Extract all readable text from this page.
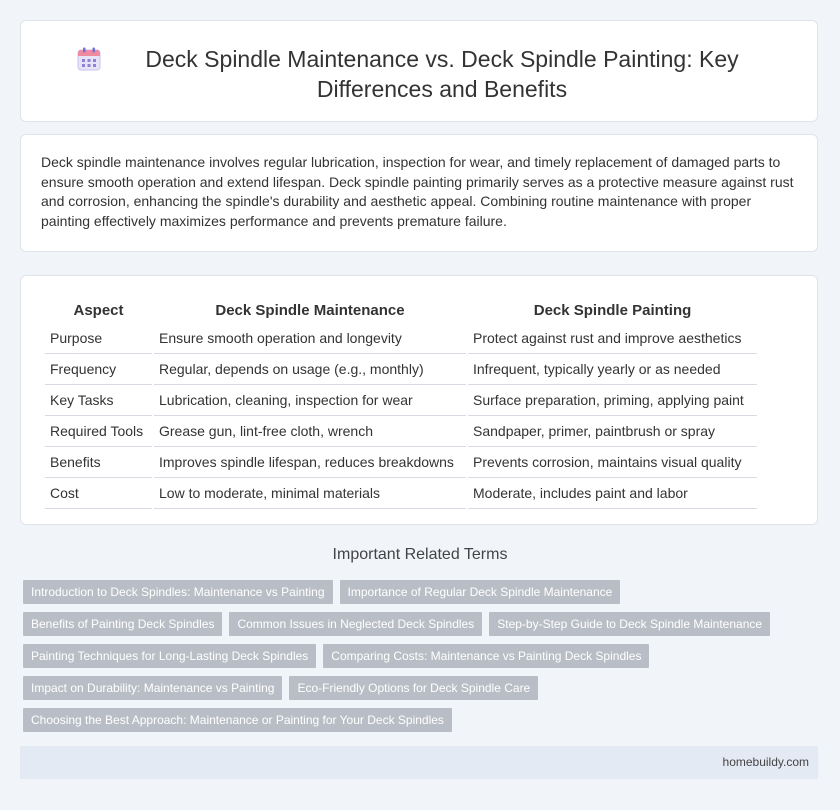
Deck Spindle Maintenance vs. Deck Spindle Painting: Key Differences and Benefits

Deck spindle maintenance involves regular lubrication, inspection for wear, and timely replacement of damaged parts to ensure smooth operation and extend lifespan. Deck spindle painting primarily serves as a protective measure against rust and corrosion, enhancing the spindle's durability and aesthetic appeal. Combining routine maintenance with proper painting effectively maximizes performance and prevents premature failure.

Aspect	Deck Spindle Maintenance	Deck Spindle Painting
Purpose	Ensure smooth operation and longevity	Protect against rust and improve aesthetics
Frequency	Regular, depends on usage (e.g., monthly)	Infrequent, typically yearly or as needed
Key Tasks	Lubrication, cleaning, inspection for wear	Surface preparation, priming, applying paint
Required Tools	Grease gun, lint-free cloth, wrench	Sandpaper, primer, paintbrush or spray
Benefits	Improves spindle lifespan, reduces breakdowns	Prevents corrosion, maintains visual quality
Cost	Low to moderate, minimal materials	Moderate, includes paint and labor
Important Related Terms
Introduction to Deck Spindles: Maintenance vs Painting	Importance of Regular Deck Spindle Maintenance
Benefits of Painting Deck Spindles	Common Issues in Neglected Deck Spindles	Step-by-Step Guide to Deck Spindle Maintenance
Painting Techniques for Long-Lasting Deck Spindles	Comparing Costs: Maintenance vs Painting Deck Spindles
Impact on Durability: Maintenance vs Painting	Eco-Friendly Options for Deck Spindle Care
Choosing the Best Approach: Maintenance or Painting for Your Deck Spindles
homebuildy.com
